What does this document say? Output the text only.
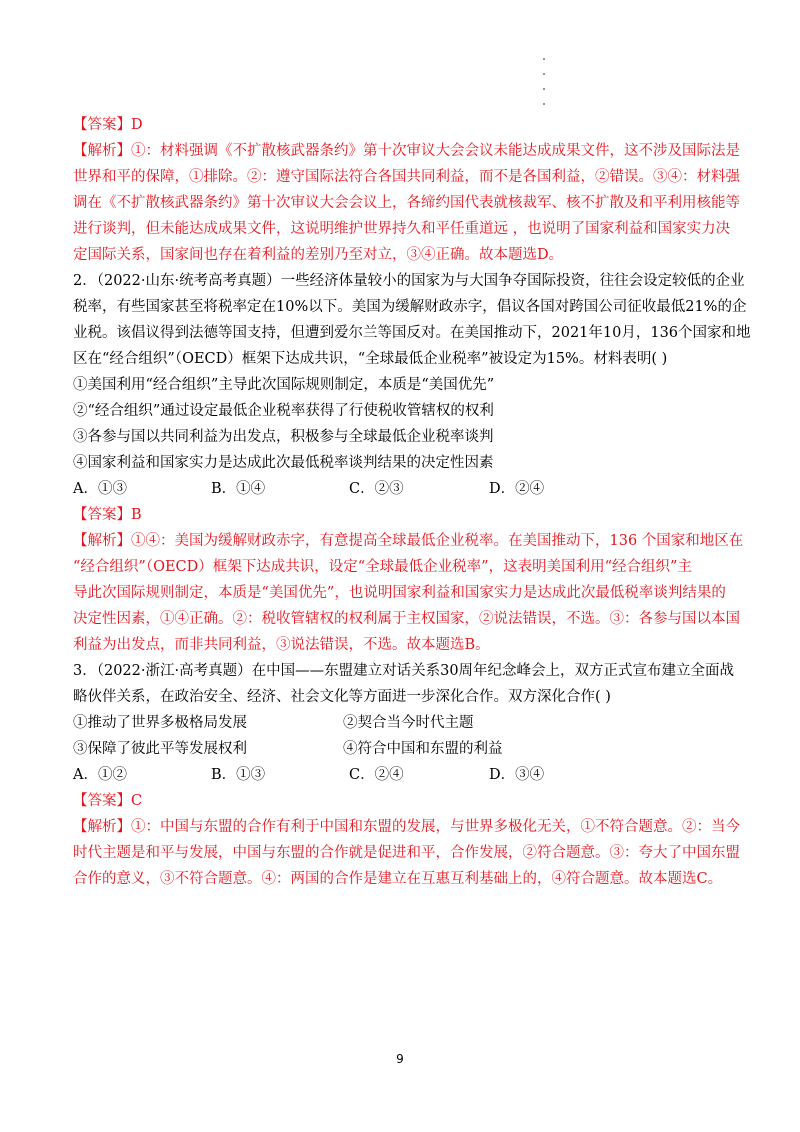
【答案】D
【解析】①：材料强调《不扩散核武器条约》第十次审议大会会议未能达成成果文件，这不涉及国际法是
世界和平的保障，①排除。②：遵守国际法符合各国共同利益，而不是各国利益，②错误。③④：材料强
调在《不扩散核武器条约》第十次审议大会会议上，各缔约国代表就核裁军、核不扩散及和平利用核能等
进行谈判，但未能达成成果文件，这说明维护世界持久和平任重道远 ，也说明了国家利益和国家实力决
定国际关系，国家间也存在着利益的差别乃至对立，③④正确。故本题选D。
2．（2022·山东·统考高考真题）一些经济体量较小的国家为与大国争夺国际投资，往往会设定较低的企业
税率，有些国家甚至将税率定在10%以下。美国为缓解财政赤字，倡议各国对跨国公司征收最低21%的企
业税。该倡议得到法德等国支持，但遭到爱尔兰等国反对。在美国推动下，2021年10月，136个国家和地
区在“经合组织”（OECD）框架下达成共识，“全球最低企业税率”被设定为15%。材料表明( )
①美国利用“经合组织”主导此次国际规则制定，本质是“美国优先”
②“经合组织”通过设定最低企业税率获得了行使税收管辖权的权利
③各参与国以共同利益为出发点，积极参与全球最低企业税率谈判
④国家利益和国家实力是达成此次最低税率谈判结果的决定性因素
A．①③	B．①④	C．②③	D．②④
【答案】B
【解析】①④：美国为缓解财政赤字，有意提高全球最低企业税率。在美国推动下，136 个国家和地区在
“经合组织”（OECD）框架下达成共识，设定“全球最低企业税率”，这表明美国利用“经合组织”主
导此次国际规则制定，本质是“美国优先”，也说明国家利益和国家实力是达成此次最低税率谈判结果的
决定性因素，①④正确。②：税收管辖权的权利属于主权国家，②说法错误，不选。③：各参与国以本国
利益为出发点，而非共同利益，③说法错误，不选。故本题选B。
3．（2022·浙江·高考真题）在中国——东盟建立对话关系30周年纪念峰会上，双方正式宣布建立全面战
略伙伴关系，在政治安全、经济、社会文化等方面进一步深化合作。双方深化合作( )
①推动了世界多极格局发展	②契合当今时代主题
③保障了彼此平等发展权利	④符合中国和东盟的利益
A．①②	B．①③	C．②④	D．③④
【答案】C
【解析】①：中国与东盟的合作有利于中国和东盟的发展，与世界多极化无关，①不符合题意。②：当今
时代主题是和平与发展，中国与东盟的合作就是促进和平，合作发展，②符合题意。③：夸大了中国东盟
合作的意义，③不符合题意。④：两国的合作是建立在互惠互利基础上的，④符合题意。故本题选C。
9
